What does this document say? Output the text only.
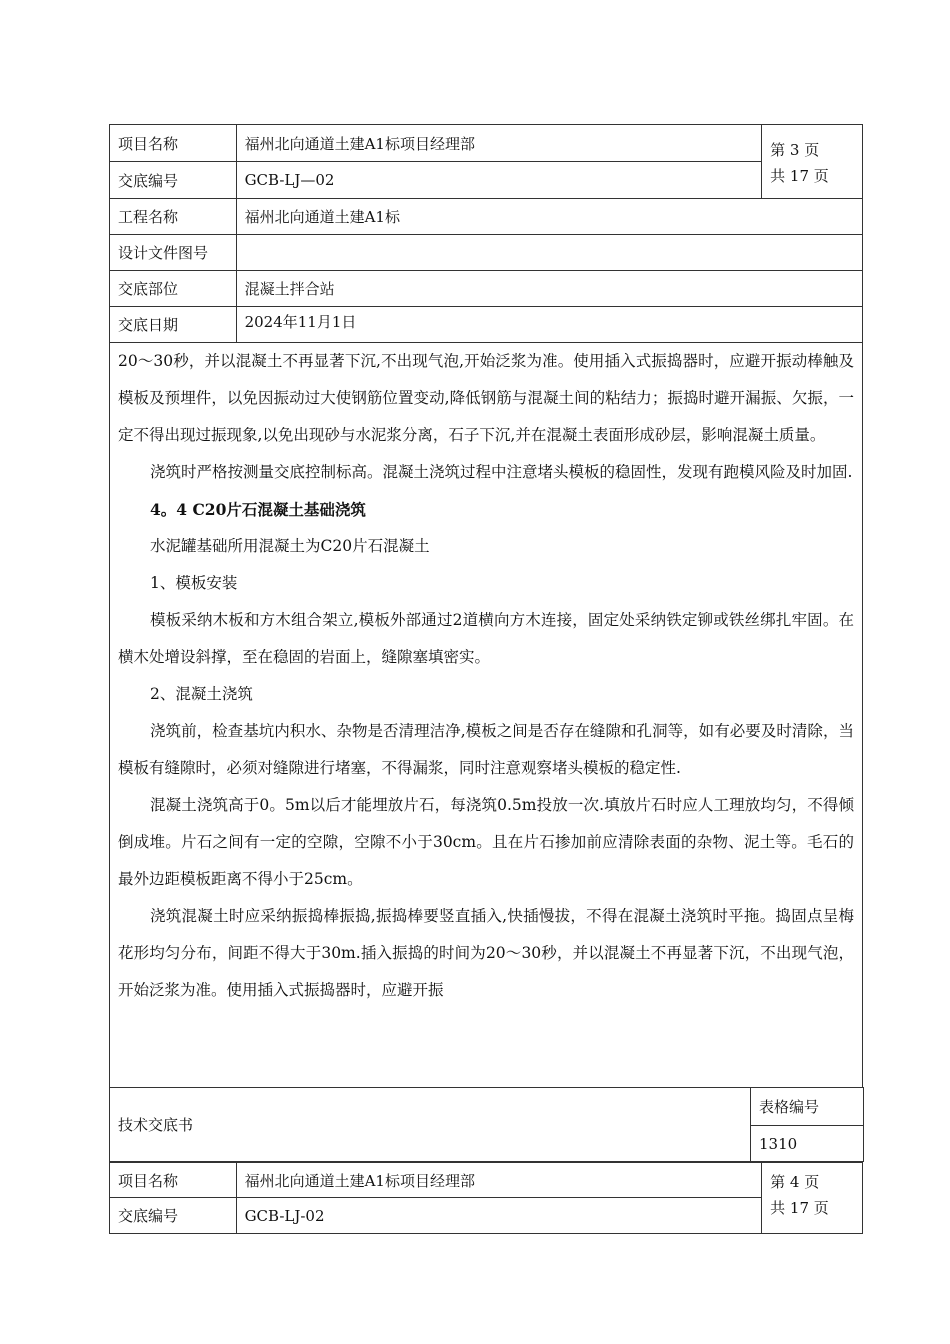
项目名称	福州北向通道土建A1标项目经理部	第 3 页
共 17 页

交底编号	GCB-LJ—02	
工程名称	福州北向通道土建A1标	
设计文件图号		
交底部位	混凝土拌合站	
交底日期	2024年11月1日	

20～30秒，并以混凝土不再显著下沉,不出现气泡,开始泛浆为准。使用插入式振捣器时，应避开振动棒触及模板及预埋件，以免因振动过大使钢筋位置变动,降低钢筋与混凝土间的粘结力；振捣时避开漏振、欠振，一定不得出现过振现象,以免出现砂与水泥浆分离，石子下沉,并在混凝土表面形成砂层，影响混凝土质量。

浇筑时严格按测量交底控制标高。混凝土浇筑过程中注意堵头模板的稳固性，发现有跑模风险及时加固.

4。4 C20片石混凝土基础浇筑

水泥罐基础所用混凝土为C20片石混凝土

1、模板安装

模板采纳木板和方木组合架立,模板外部通过2道横向方木连接，固定处采纳铁定铆或铁丝绑扎牢固。在横木处增设斜撑，至在稳固的岩面上，缝隙塞填密实。

2、混凝土浇筑

浇筑前，检查基坑内积水、杂物是否清理洁净,模板之间是否存在缝隙和孔洞等，如有必要及时清除，当模板有缝隙时，必须对缝隙进行堵塞，不得漏浆，同时注意观察堵头模板的稳定性.

混凝土浇筑高于0。5m以后才能埋放片石，每浇筑0.5m投放一次.填放片石时应人工理放均匀，不得倾倒成堆。片石之间有一定的空隙，空隙不小于30cm。且在片石掺加前应清除表面的杂物、泥土等。毛石的最外边距模板距离不得小于25cm。

浇筑混凝土时应采纳振捣棒振捣,振捣棒要竖直插入,快插慢拔，不得在混凝土浇筑时平拖。捣固点呈梅花形均匀分布，间距不得大于30m.插入振捣的时间为20～30秒，并以混凝土不再显著下沉，不出现气泡，开始泛浆为准。使用插入式振捣器时，应避开振

技术交底书	表格编号
1310
项目名称	福州北向通道土建A1标项目经理部	第 4 页
共 17 页

交底编号	GCB-LJ-02	
